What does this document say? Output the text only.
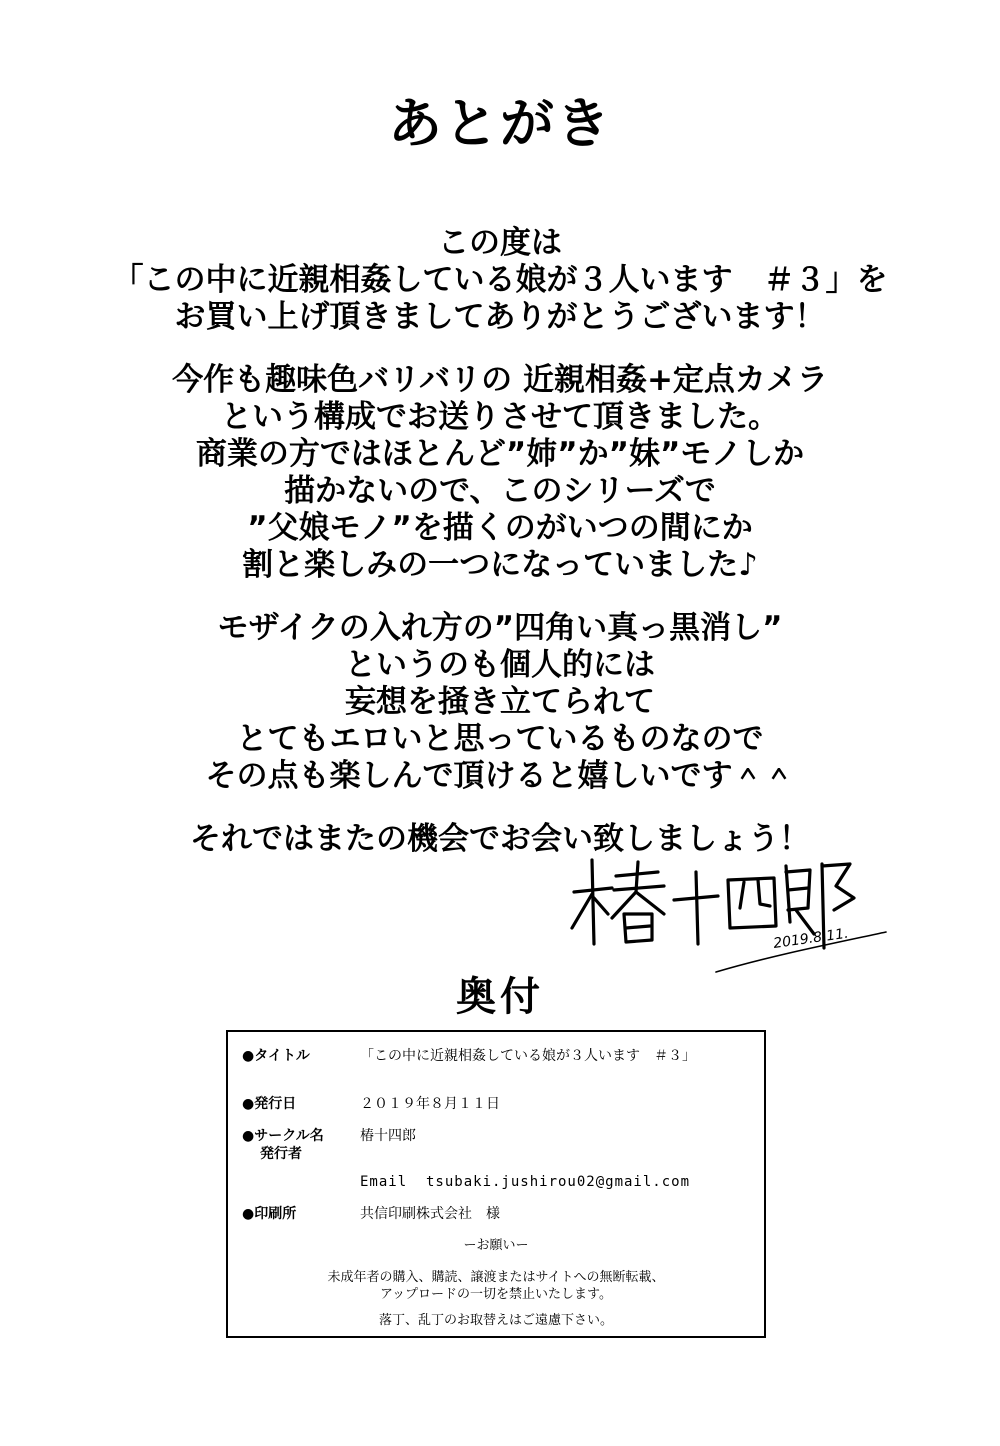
あとがき
この度は
「この中に近親相姦している娘が３人います　＃３」を
お買い上げ頂きましてありがとうございます！
今作も趣味色バリバリの 近親相姦+定点カメラ
という構成でお送りさせて頂きました。
商業の方ではほとんど”姉”か”妹”モノしか
描かないので、このシリーズで
”父娘モノ”を描くのがいつの間にか
割と楽しみの一つになっていました♪
モザイクの入れ方の”四角い真っ黒消し”
というのも個人的には
妄想を掻き立てられて
とてもエロいと思っているものなので
その点も楽しんで頂けると嬉しいです＾＾
それではまたの機会でお会い致しましょう！
2019.8.11.
奥付
●タイトル	「この中に近親相姦している娘が３人います　＃３」
●発行日	２０１９年８月１１日
●サークル名	椿十四郎
発行者
Email tsubaki.jushirou02@gmail.com
●印刷所	共信印刷株式会社　様
ーお願いー
未成年者の購入、購読、譲渡またはサイトへの無断転載、
アップロードの一切を禁止いたします。
落丁、乱丁のお取替えはご遠慮下さい。
